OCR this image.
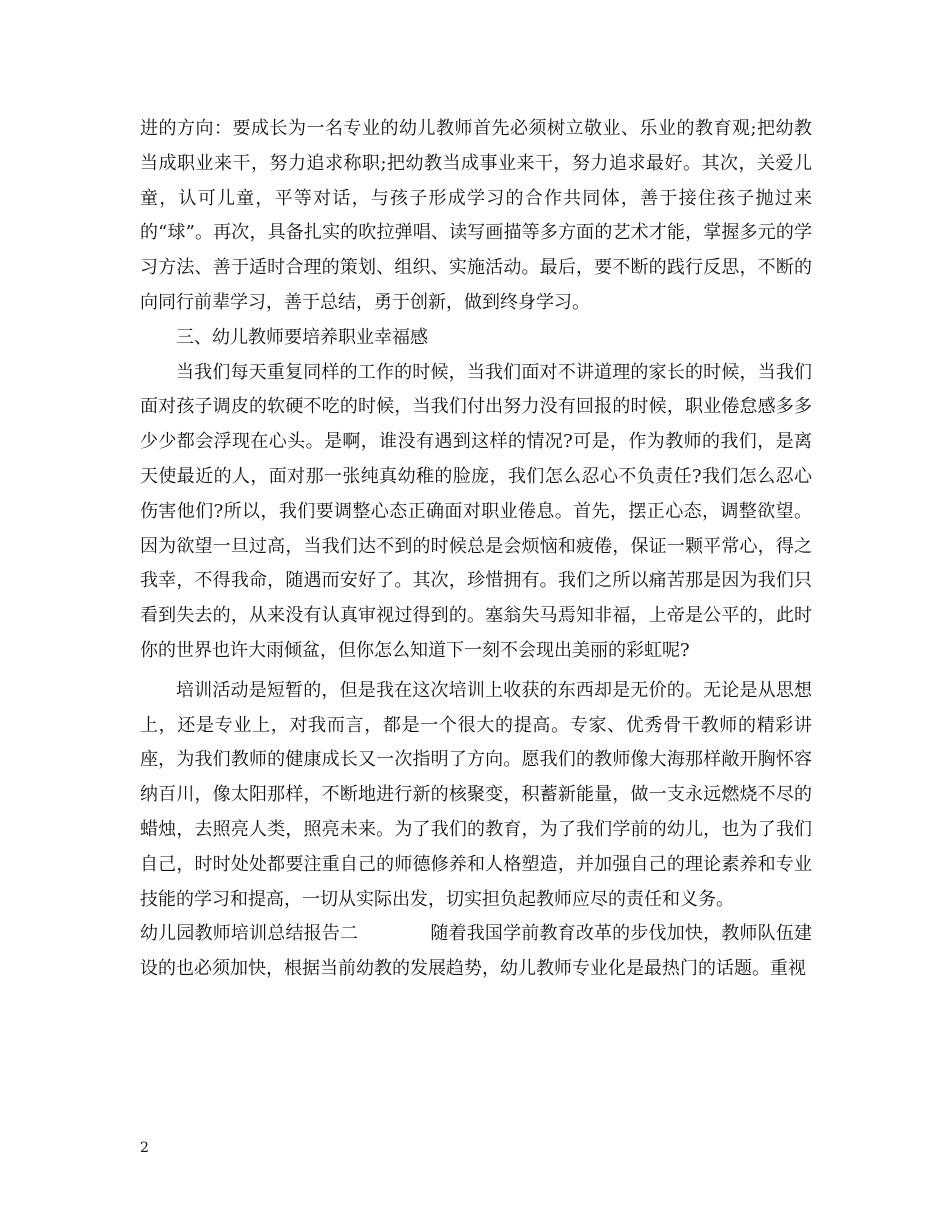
进的方向：要成长为一名专业的幼儿教师首先必须树立敬业、乐业的教育观;把幼教当成职业来干，努力追求称职;把幼教当成事业来干，努力追求最好。其次，关爱儿童，认可儿童，平等对话，与孩子形成学习的合作共同体，善于接住孩子抛过来的“球”。再次，具备扎实的吹拉弹唱、读写画描等多方面的艺术才能，掌握多元的学习方法、善于适时合理的策划、组织、实施活动。最后，要不断的践行反思，不断的向同行前辈学习，善于总结，勇于创新，做到终身学习。

三、幼儿教师要培养职业幸福感

当我们每天重复同样的工作的时候，当我们面对不讲道理的家长的时候，当我们面对孩子调皮的软硬不吃的时候，当我们付出努力没有回报的时候，职业倦怠感多多少少都会浮现在心头。是啊，谁没有遇到这样的情况?可是，作为教师的我们，是离天使最近的人，面对那一张纯真幼稚的脸庞，我们怎么忍心不负责任?我们怎么忍心伤害他们?所以，我们要调整心态正确面对职业倦息。首先，摆正心态，调整欲望。因为欲望一旦过高，当我们达不到的时候总是会烦恼和疲倦，保证一颗平常心，得之我幸，不得我命，随遇而安好了。其次，珍惜拥有。我们之所以痛苦那是因为我们只看到失去的，从来没有认真审视过得到的。塞翁失马焉知非福，上帝是公平的，此时你的世界也许大雨倾盆，但你怎么知道下一刻不会现出美丽的彩虹呢?

培训活动是短暂的，但是我在这次培训上收获的东西却是无价的。无论是从思想上，还是专业上，对我而言，都是一个很大的提高。专家、优秀骨干教师的精彩讲座，为我们教师的健康成长又一次指明了方向。愿我们的教师像大海那样敞开胸怀容纳百川，像太阳那样，不断地进行新的核聚变，积蓄新能量，做一支永远燃烧不尽的蜡烛，去照亮人类，照亮未来。为了我们的教育，为了我们学前的幼儿，也为了我们自己，时时处处都要注重自己的师德修养和人格塑造，并加强自己的理论素养和专业技能的学习和提高，一切从实际出发，切实担负起教师应尽的责任和义务。

幼儿园教师培训总结报告二	随着我国学前教育改革的步伐加快，教师队伍建设的也必须加快，根据当前幼教的发展趋势，幼儿教师专业化是最热门的话题。重视

2
